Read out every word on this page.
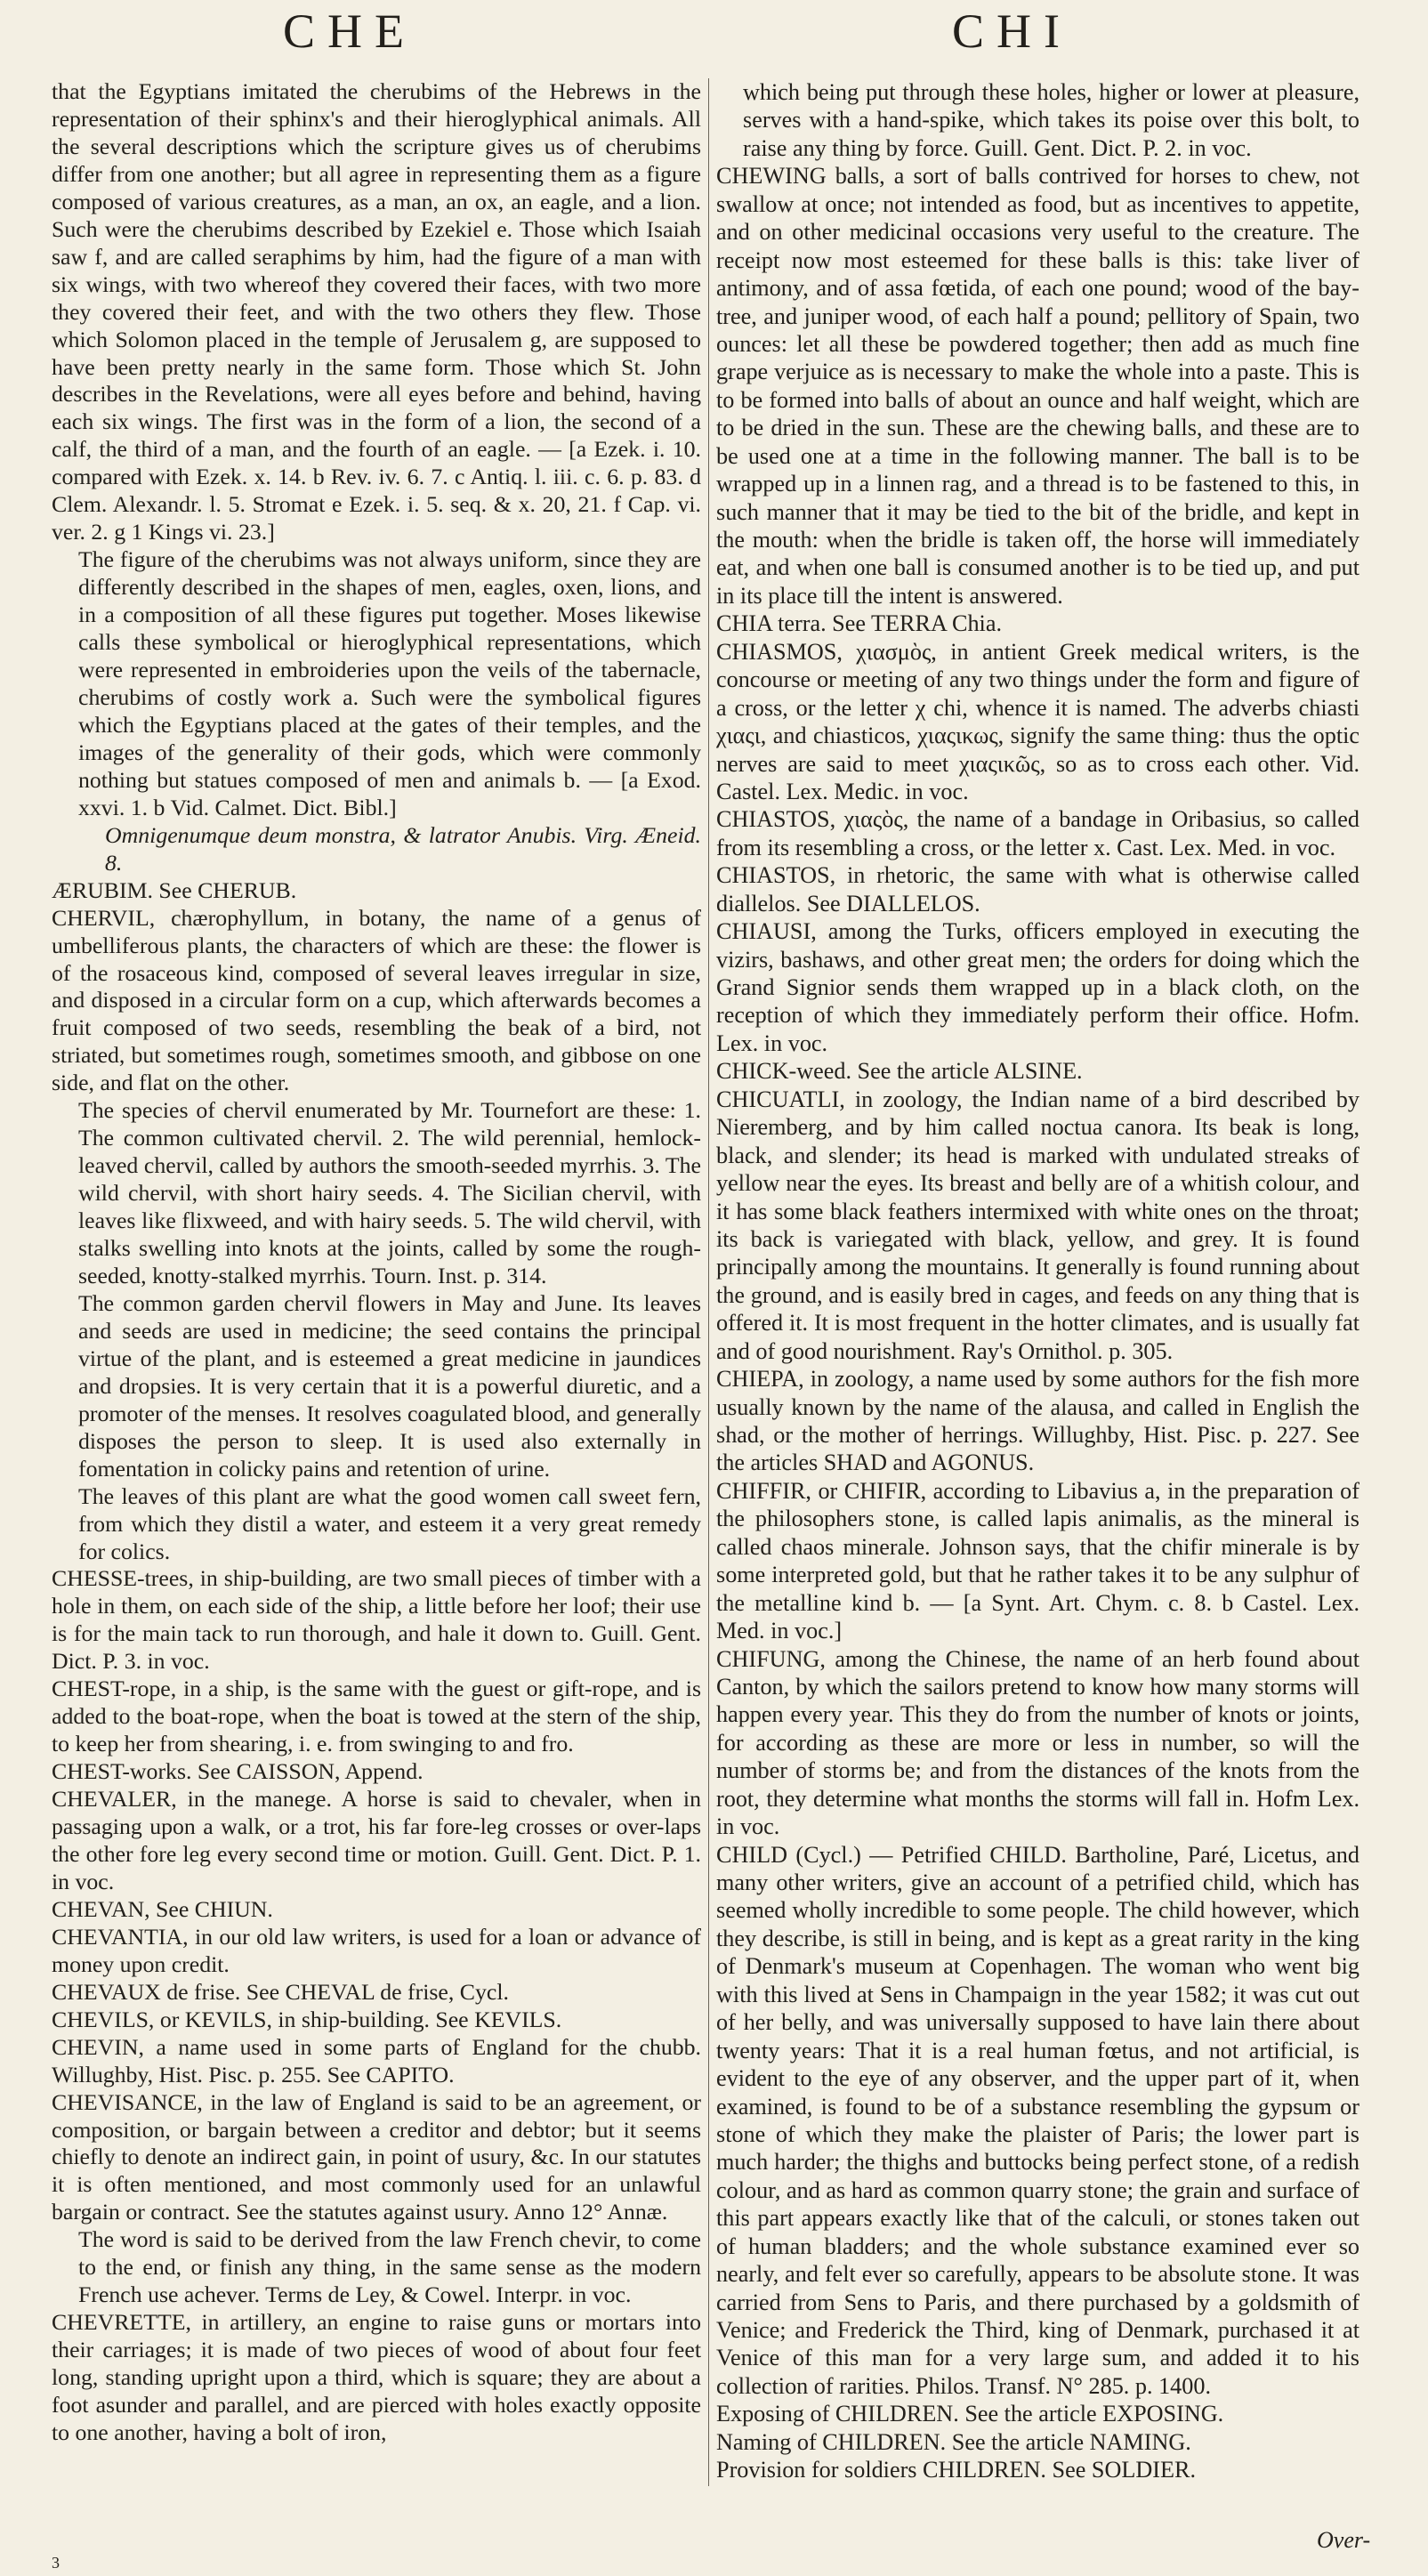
CHE	CHI

that the Egyptians imitated the cherubims of the Hebrews in the representation of their sphinx's and their hieroglyphical animals. All the several descriptions which the scripture gives us of cherubims differ from one another; but all agree in representing them as a figure composed of various creatures, as a man, an ox, an eagle, and a lion. Such were the cherubims described by Ezekiel e. Those which Isaiah saw f, and are called seraphims by him, had the figure of a man with six wings, with two whereof they covered their faces, with two more they covered their feet, and with the two others they flew. Those which Solomon placed in the temple of Jerusalem g, are supposed to have been pretty nearly in the same form. Those which St. John describes in the Revelations, were all eyes before and behind, having each six wings. The first was in the form of a lion, the second of a calf, the third of a man, and the fourth of an eagle. — [a Ezek. i. 10. compared with Ezek. x. 14. b Rev. iv. 6. 7. c Antiq. l. iii. c. 6. p. 83. d Clem. Alexandr. l. 5. Stromat e Ezek. i. 5. seq. & x. 20, 21. f Cap. vi. ver. 2. g 1 Kings vi. 23.]

The figure of the cherubims was not always uniform, since they are differently described in the shapes of men, eagles, oxen, lions, and in a composition of all these figures put together. Moses likewise calls these symbolical or hieroglyphical representations, which were represented in embroideries upon the veils of the tabernacle, cherubims of costly work a. Such were the symbolical figures which the Egyptians placed at the gates of their temples, and the images of the generality of their gods, which were commonly nothing but statues composed of men and animals b. — [a Exod. xxvi. 1. b Vid. Calmet. Dict. Bibl.]

Omnigenumque deum monstra, & latrator Anubis. Virg. Æneid. 8.

ÆRUBIM. See CHERUB.

CHERVIL, chærophyllum, in botany, the name of a genus of umbelliferous plants, the characters of which are these: the flower is of the rosaceous kind, composed of several leaves irregular in size, and disposed in a circular form on a cup, which afterwards becomes a fruit composed of two seeds, resembling the beak of a bird, not striated, but sometimes rough, sometimes smooth, and gibbose on one side, and flat on the other.

The species of chervil enumerated by Mr. Tournefort are these: 1. The common cultivated chervil. 2. The wild perennial, hemlock-leaved chervil, called by authors the smooth-seeded myrrhis. 3. The wild chervil, with short hairy seeds. 4. The Sicilian chervil, with leaves like flixweed, and with hairy seeds. 5. The wild chervil, with stalks swelling into knots at the joints, called by some the rough-seeded, knotty-stalked myrrhis. Tourn. Inst. p. 314.

The common garden chervil flowers in May and June. Its leaves and seeds are used in medicine; the seed contains the principal virtue of the plant, and is esteemed a great medicine in jaundices and dropsies. It is very certain that it is a powerful diuretic, and a promoter of the menses. It resolves coagulated blood, and generally disposes the person to sleep. It is used also externally in fomentation in colicky pains and retention of urine.

The leaves of this plant are what the good women call sweet fern, from which they distil a water, and esteem it a very great remedy for colics.

CHESSE-trees, in ship-building, are two small pieces of timber with a hole in them, on each side of the ship, a little before her loof; their use is for the main tack to run thorough, and hale it down to. Guill. Gent. Dict. P. 3. in voc.

CHEST-rope, in a ship, is the same with the guest or gift-rope, and is added to the boat-rope, when the boat is towed at the stern of the ship, to keep her from shearing, i. e. from swinging to and fro.

CHEST-works. See CAISSON, Append.

CHEVALER, in the manege. A horse is said to chevaler, when in passaging upon a walk, or a trot, his far fore-leg crosses or over-laps the other fore leg every second time or motion. Guill. Gent. Dict. P. 1. in voc.

CHEVAN, See CHIUN.

CHEVANTIA, in our old law writers, is used for a loan or advance of money upon credit.

CHEVAUX de frise. See CHEVAL de frise, Cycl.

CHEVILS, or KEVILS, in ship-building. See KEVILS.

CHEVIN, a name used in some parts of England for the chubb. Willughby, Hist. Pisc. p. 255. See CAPITO.

CHEVISANCE, in the law of England is said to be an agreement, or composition, or bargain between a creditor and debtor; but it seems chiefly to denote an indirect gain, in point of usury, &c. In our statutes it is often mentioned, and most commonly used for an unlawful bargain or contract. See the statutes against usury. Anno 12° Annæ.

The word is said to be derived from the law French chevir, to come to the end, or finish any thing, in the same sense as the modern French use achever. Terms de Ley, & Cowel. Interpr. in voc.

CHEVRETTE, in artillery, an engine to raise guns or mortars into their carriages; it is made of two pieces of wood of about four feet long, standing upright upon a third, which is square; they are about a foot asunder and parallel, and are pierced with holes exactly opposite to one another, having a bolt of iron,

which being put through these holes, higher or lower at pleasure, serves with a hand-spike, which takes its poise over this bolt, to raise any thing by force. Guill. Gent. Dict. P. 2. in voc.

CHEWING balls, a sort of balls contrived for horses to chew, not swallow at once; not intended as food, but as incentives to appetite, and on other medicinal occasions very useful to the creature. The receipt now most esteemed for these balls is this: take liver of antimony, and of assa fœtida, of each one pound; wood of the bay-tree, and juniper wood, of each half a pound; pellitory of Spain, two ounces: let all these be powdered together; then add as much fine grape verjuice as is necessary to make the whole into a paste. This is to be formed into balls of about an ounce and half weight, which are to be dried in the sun. These are the chewing balls, and these are to be used one at a time in the following manner. The ball is to be wrapped up in a linnen rag, and a thread is to be fastened to this, in such manner that it may be tied to the bit of the bridle, and kept in the mouth: when the bridle is taken off, the horse will immediately eat, and when one ball is consumed another is to be tied up, and put in its place till the intent is answered.

CHIA terra. See TERRA Chia.

CHIASMOS, χιασμὸς, in antient Greek medical writers, is the concourse or meeting of any two things under the form and figure of a cross, or the letter χ chi, whence it is named. The adverbs chiasti χιαςι, and chiasticos, χιαςικως, signify the same thing: thus the optic nerves are said to meet χιαςικῶς, so as to cross each other. Vid. Castel. Lex. Medic. in voc.

CHIASTOS, χιαςὸς, the name of a bandage in Oribasius, so called from its resembling a cross, or the letter x. Cast. Lex. Med. in voc.

CHIASTOS, in rhetoric, the same with what is otherwise called diallelos. See DIALLELOS.

CHIAUSI, among the Turks, officers employed in executing the vizirs, bashaws, and other great men; the orders for doing which the Grand Signior sends them wrapped up in a black cloth, on the reception of which they immediately perform their office. Hofm. Lex. in voc.

CHICK-weed. See the article ALSINE.

CHICUATLI, in zoology, the Indian name of a bird described by Nieremberg, and by him called noctua canora. Its beak is long, black, and slender; its head is marked with undulated streaks of yellow near the eyes. Its breast and belly are of a whitish colour, and it has some black feathers intermixed with white ones on the throat; its back is variegated with black, yellow, and grey. It is found principally among the mountains. It generally is found running about the ground, and is easily bred in cages, and feeds on any thing that is offered it. It is most frequent in the hotter climates, and is usually fat and of good nourishment. Ray's Ornithol. p. 305.

CHIEPA, in zoology, a name used by some authors for the fish more usually known by the name of the alausa, and called in English the shad, or the mother of herrings. Willughby, Hist. Pisc. p. 227. See the articles SHAD and AGONUS.

CHIFFIR, or CHIFIR, according to Libavius a, in the preparation of the philosophers stone, is called lapis animalis, as the mineral is called chaos minerale. Johnson says, that the chifir minerale is by some interpreted gold, but that he rather takes it to be any sulphur of the metalline kind b. — [a Synt. Art. Chym. c. 8. b Castel. Lex. Med. in voc.]

CHIFUNG, among the Chinese, the name of an herb found about Canton, by which the sailors pretend to know how many storms will happen every year. This they do from the number of knots or joints, for according as these are more or less in number, so will the number of storms be; and from the distances of the knots from the root, they determine what months the storms will fall in. Hofm Lex. in voc.

CHILD (Cycl.) — Petrified CHILD. Bartholine, Paré, Licetus, and many other writers, give an account of a petrified child, which has seemed wholly incredible to some people. The child however, which they describe, is still in being, and is kept as a great rarity in the king of Denmark's museum at Copenhagen. The woman who went big with this lived at Sens in Champaign in the year 1582; it was cut out of her belly, and was universally supposed to have lain there about twenty years: That it is a real human fœtus, and not artificial, is evident to the eye of any observer, and the upper part of it, when examined, is found to be of a substance resembling the gypsum or stone of which they make the plaister of Paris; the lower part is much harder; the thighs and buttocks being perfect stone, of a redish colour, and as hard as common quarry stone; the grain and surface of this part appears exactly like that of the calculi, or stones taken out of human bladders; and the whole substance examined ever so nearly, and felt ever so carefully, appears to be absolute stone. It was carried from Sens to Paris, and there purchased by a goldsmith of Venice; and Frederick the Third, king of Denmark, purchased it at Venice of this man for a very large sum, and added it to his collection of rarities. Philos. Transf. N° 285. p. 1400.

Exposing of CHILDREN. See the article EXPOSING.

Naming of CHILDREN. See the article NAMING.

Provision for soldiers CHILDREN. See SOLDIER.

3
Over-
